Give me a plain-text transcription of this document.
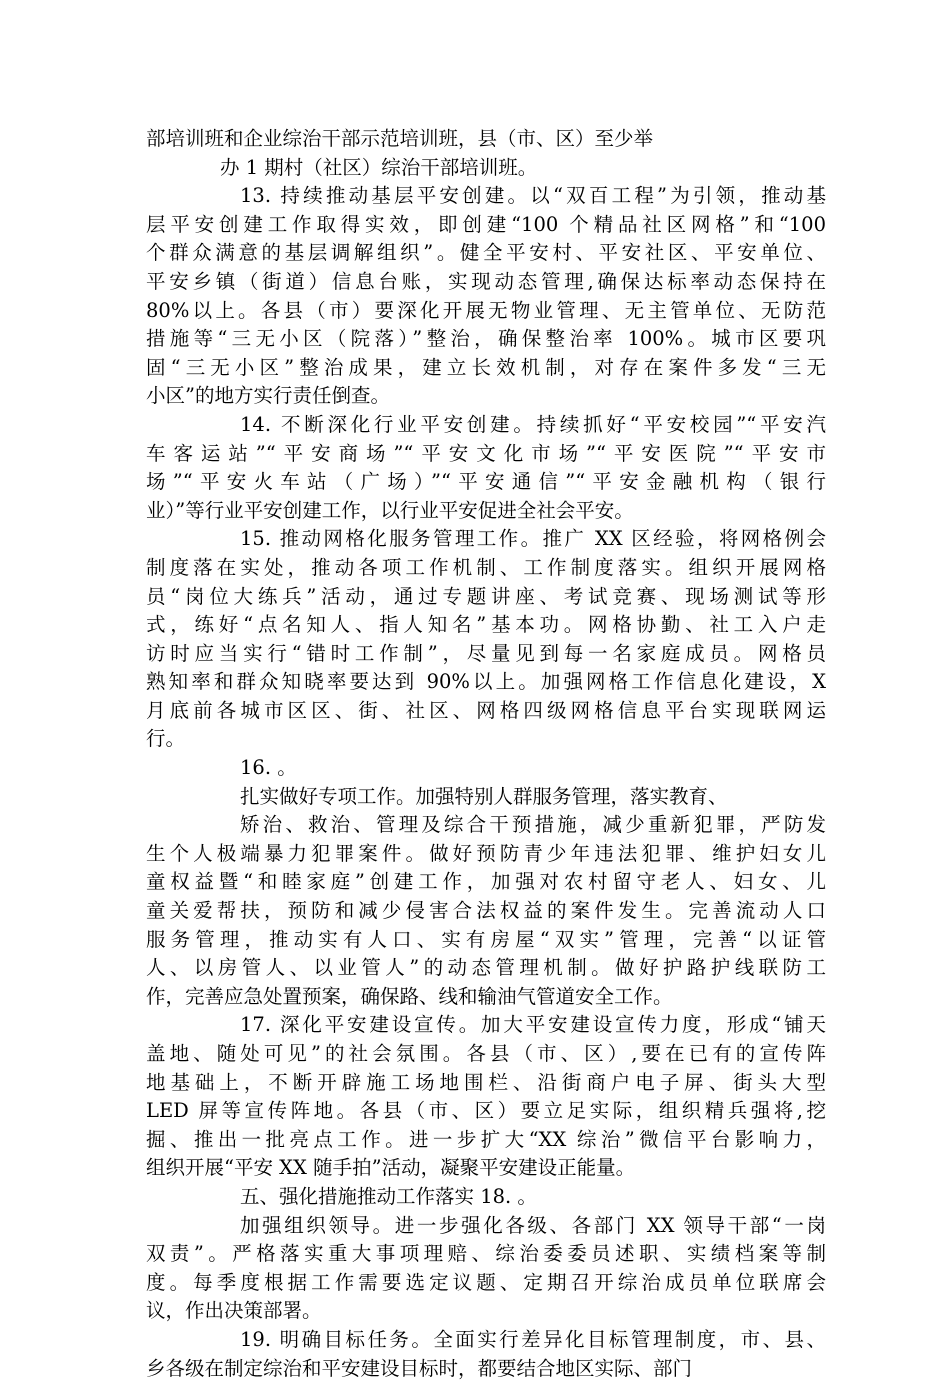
部培训班和企业综治干部示范培训班，县（市、区）至少举
办 1 期村（社区）综治干部培训班。
13. 持续推动基层平安创建。以“双百工程”为引领，推动基
层平安创建工作取得实效，即创建“100 个精品社区网格”和“100
个群众满意的基层调解组织”。健全平安村、平安社区、平安单位、
平安乡镇（街道）信息台账，实现动态管理,确保达标率动态保持在
80%以上。各县（市）要深化开展无物业管理、无主管单位、无防范
措施等“三无小区（院落）”整治，确保整治率 100%。城市区要巩
固“三无小区”整治成果，建立长效机制，对存在案件多发“三无
小区”的地方实行责任倒查。
14. 不断深化行业平安创建。持续抓好“平安校园”“平安汽
车客运站”“平安商场”“平安文化市场”“平安医院”“平安市
场”“平安火车站（广场）”“平安通信”“平安金融机构（银行
业）”等行业平安创建工作，以行业平安促进全社会平安。
15. 推动网格化服务管理工作。推广 XX 区经验，将网格例会
制度落在实处，推动各项工作机制、工作制度落实。组织开展网格
员“岗位大练兵”活动，通过专题讲座、考试竞赛、现场测试等形
式，练好“点名知人、指人知名”基本功。网格协勤、社工入户走
访时应当实行“错时工作制”，尽量见到每一名家庭成员。网格员
熟知率和群众知晓率要达到 90%以上。加强网格工作信息化建设，X
月底前各城市区区、街、社区、网格四级网格信息平台实现联网运
行。
16. 。
扎实做好专项工作。加强特别人群服务管理，落实教育、
矫治、救治、管理及综合干预措施，减少重新犯罪，严防发
生个人极端暴力犯罪案件。做好预防青少年违法犯罪、维护妇女儿
童权益暨“和睦家庭”创建工作，加强对农村留守老人、妇女、儿
童关爱帮扶，预防和减少侵害合法权益的案件发生。完善流动人口
服务管理，推动实有人口、实有房屋“双实”管理，完善“以证管
人、以房管人、以业管人”的动态管理机制。做好护路护线联防工
作，完善应急处置预案，确保路、线和输油气管道安全工作。
17. 深化平安建设宣传。加大平安建设宣传力度，形成“铺天
盖地、随处可见”的社会氛围。各县（市、区）,要在已有的宣传阵
地基础上，不断开辟施工场地围栏、沿街商户电子屏、街头大型
LED 屏等宣传阵地。各县（市、区）要立足实际，组织精兵强将,挖
掘、推出一批亮点工作。进一步扩大“XX 综治”微信平台影响力，
组织开展“平安 XX 随手拍”活动，凝聚平安建设正能量。
五、强化措施推动工作落实 18. 。
加强组织领导。进一步强化各级、各部门 XX 领导干部“一岗
双责”。严格落实重大事项理赔、综治委委员述职、实绩档案等制
度。每季度根据工作需要选定议题、定期召开综治成员单位联席会
议，作出决策部署。
19. 明确目标任务。全面实行差异化目标管理制度，市、县、
乡各级在制定综治和平安建设目标时，都要结合地区实际、部门
